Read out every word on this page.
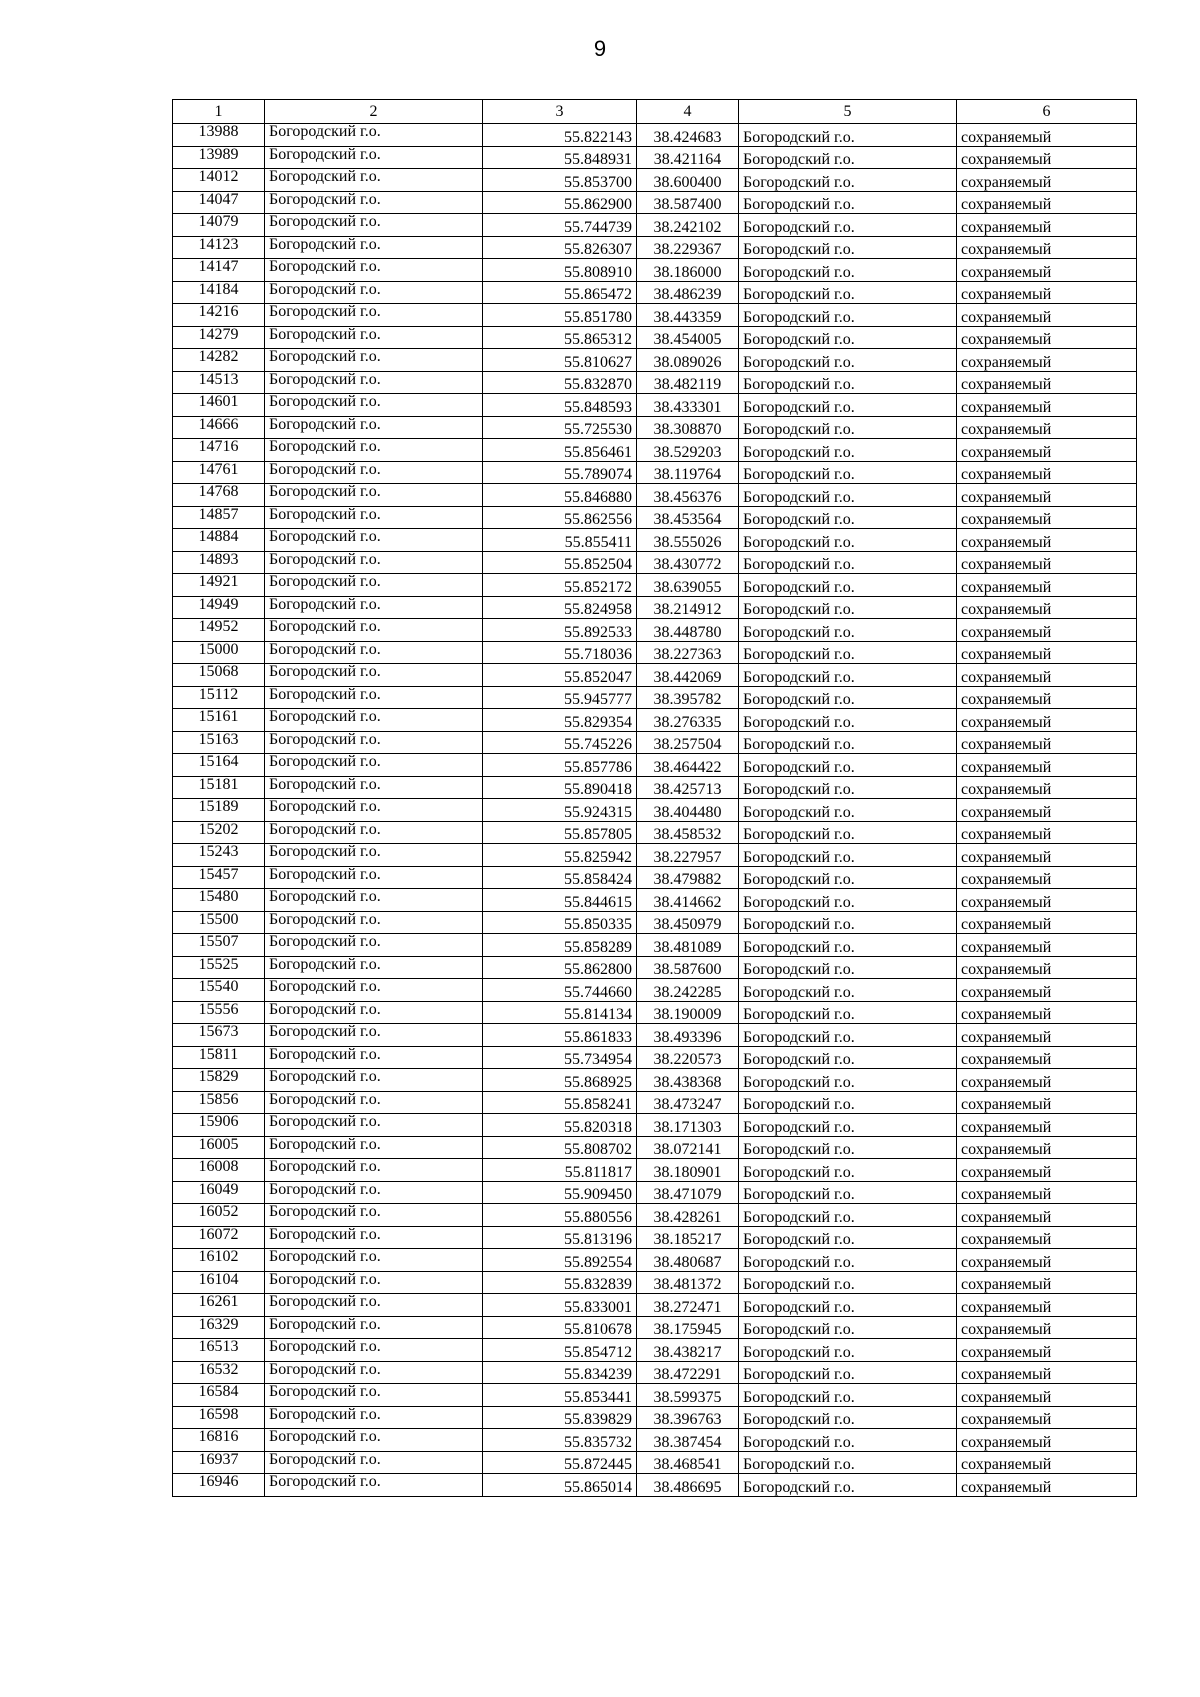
9
1	2	3	4	5	6
13988	Богородский г.о.	55.822143	38.424683	Богородский г.о.	сохраняемый
13989	Богородский г.о.	55.848931	38.421164	Богородский г.о.	сохраняемый
14012	Богородский г.о.	55.853700	38.600400	Богородский г.о.	сохраняемый
14047	Богородский г.о.	55.862900	38.587400	Богородский г.о.	сохраняемый
14079	Богородский г.о.	55.744739	38.242102	Богородский г.о.	сохраняемый
14123	Богородский г.о.	55.826307	38.229367	Богородский г.о.	сохраняемый
14147	Богородский г.о.	55.808910	38.186000	Богородский г.о.	сохраняемый
14184	Богородский г.о.	55.865472	38.486239	Богородский г.о.	сохраняемый
14216	Богородский г.о.	55.851780	38.443359	Богородский г.о.	сохраняемый
14279	Богородский г.о.	55.865312	38.454005	Богородский г.о.	сохраняемый
14282	Богородский г.о.	55.810627	38.089026	Богородский г.о.	сохраняемый
14513	Богородский г.о.	55.832870	38.482119	Богородский г.о.	сохраняемый
14601	Богородский г.о.	55.848593	38.433301	Богородский г.о.	сохраняемый
14666	Богородский г.о.	55.725530	38.308870	Богородский г.о.	сохраняемый
14716	Богородский г.о.	55.856461	38.529203	Богородский г.о.	сохраняемый
14761	Богородский г.о.	55.789074	38.119764	Богородский г.о.	сохраняемый
14768	Богородский г.о.	55.846880	38.456376	Богородский г.о.	сохраняемый
14857	Богородский г.о.	55.862556	38.453564	Богородский г.о.	сохраняемый
14884	Богородский г.о.	55.855411	38.555026	Богородский г.о.	сохраняемый
14893	Богородский г.о.	55.852504	38.430772	Богородский г.о.	сохраняемый
14921	Богородский г.о.	55.852172	38.639055	Богородский г.о.	сохраняемый
14949	Богородский г.о.	55.824958	38.214912	Богородский г.о.	сохраняемый
14952	Богородский г.о.	55.892533	38.448780	Богородский г.о.	сохраняемый
15000	Богородский г.о.	55.718036	38.227363	Богородский г.о.	сохраняемый
15068	Богородский г.о.	55.852047	38.442069	Богородский г.о.	сохраняемый
15112	Богородский г.о.	55.945777	38.395782	Богородский г.о.	сохраняемый
15161	Богородский г.о.	55.829354	38.276335	Богородский г.о.	сохраняемый
15163	Богородский г.о.	55.745226	38.257504	Богородский г.о.	сохраняемый
15164	Богородский г.о.	55.857786	38.464422	Богородский г.о.	сохраняемый
15181	Богородский г.о.	55.890418	38.425713	Богородский г.о.	сохраняемый
15189	Богородский г.о.	55.924315	38.404480	Богородский г.о.	сохраняемый
15202	Богородский г.о.	55.857805	38.458532	Богородский г.о.	сохраняемый
15243	Богородский г.о.	55.825942	38.227957	Богородский г.о.	сохраняемый
15457	Богородский г.о.	55.858424	38.479882	Богородский г.о.	сохраняемый
15480	Богородский г.о.	55.844615	38.414662	Богородский г.о.	сохраняемый
15500	Богородский г.о.	55.850335	38.450979	Богородский г.о.	сохраняемый
15507	Богородский г.о.	55.858289	38.481089	Богородский г.о.	сохраняемый
15525	Богородский г.о.	55.862800	38.587600	Богородский г.о.	сохраняемый
15540	Богородский г.о.	55.744660	38.242285	Богородский г.о.	сохраняемый
15556	Богородский г.о.	55.814134	38.190009	Богородский г.о.	сохраняемый
15673	Богородский г.о.	55.861833	38.493396	Богородский г.о.	сохраняемый
15811	Богородский г.о.	55.734954	38.220573	Богородский г.о.	сохраняемый
15829	Богородский г.о.	55.868925	38.438368	Богородский г.о.	сохраняемый
15856	Богородский г.о.	55.858241	38.473247	Богородский г.о.	сохраняемый
15906	Богородский г.о.	55.820318	38.171303	Богородский г.о.	сохраняемый
16005	Богородский г.о.	55.808702	38.072141	Богородский г.о.	сохраняемый
16008	Богородский г.о.	55.811817	38.180901	Богородский г.о.	сохраняемый
16049	Богородский г.о.	55.909450	38.471079	Богородский г.о.	сохраняемый
16052	Богородский г.о.	55.880556	38.428261	Богородский г.о.	сохраняемый
16072	Богородский г.о.	55.813196	38.185217	Богородский г.о.	сохраняемый
16102	Богородский г.о.	55.892554	38.480687	Богородский г.о.	сохраняемый
16104	Богородский г.о.	55.832839	38.481372	Богородский г.о.	сохраняемый
16261	Богородский г.о.	55.833001	38.272471	Богородский г.о.	сохраняемый
16329	Богородский г.о.	55.810678	38.175945	Богородский г.о.	сохраняемый
16513	Богородский г.о.	55.854712	38.438217	Богородский г.о.	сохраняемый
16532	Богородский г.о.	55.834239	38.472291	Богородский г.о.	сохраняемый
16584	Богородский г.о.	55.853441	38.599375	Богородский г.о.	сохраняемый
16598	Богородский г.о.	55.839829	38.396763	Богородский г.о.	сохраняемый
16816	Богородский г.о.	55.835732	38.387454	Богородский г.о.	сохраняемый
16937	Богородский г.о.	55.872445	38.468541	Богородский г.о.	сохраняемый
16946	Богородский г.о.	55.865014	38.486695	Богородский г.о.	сохраняемый
